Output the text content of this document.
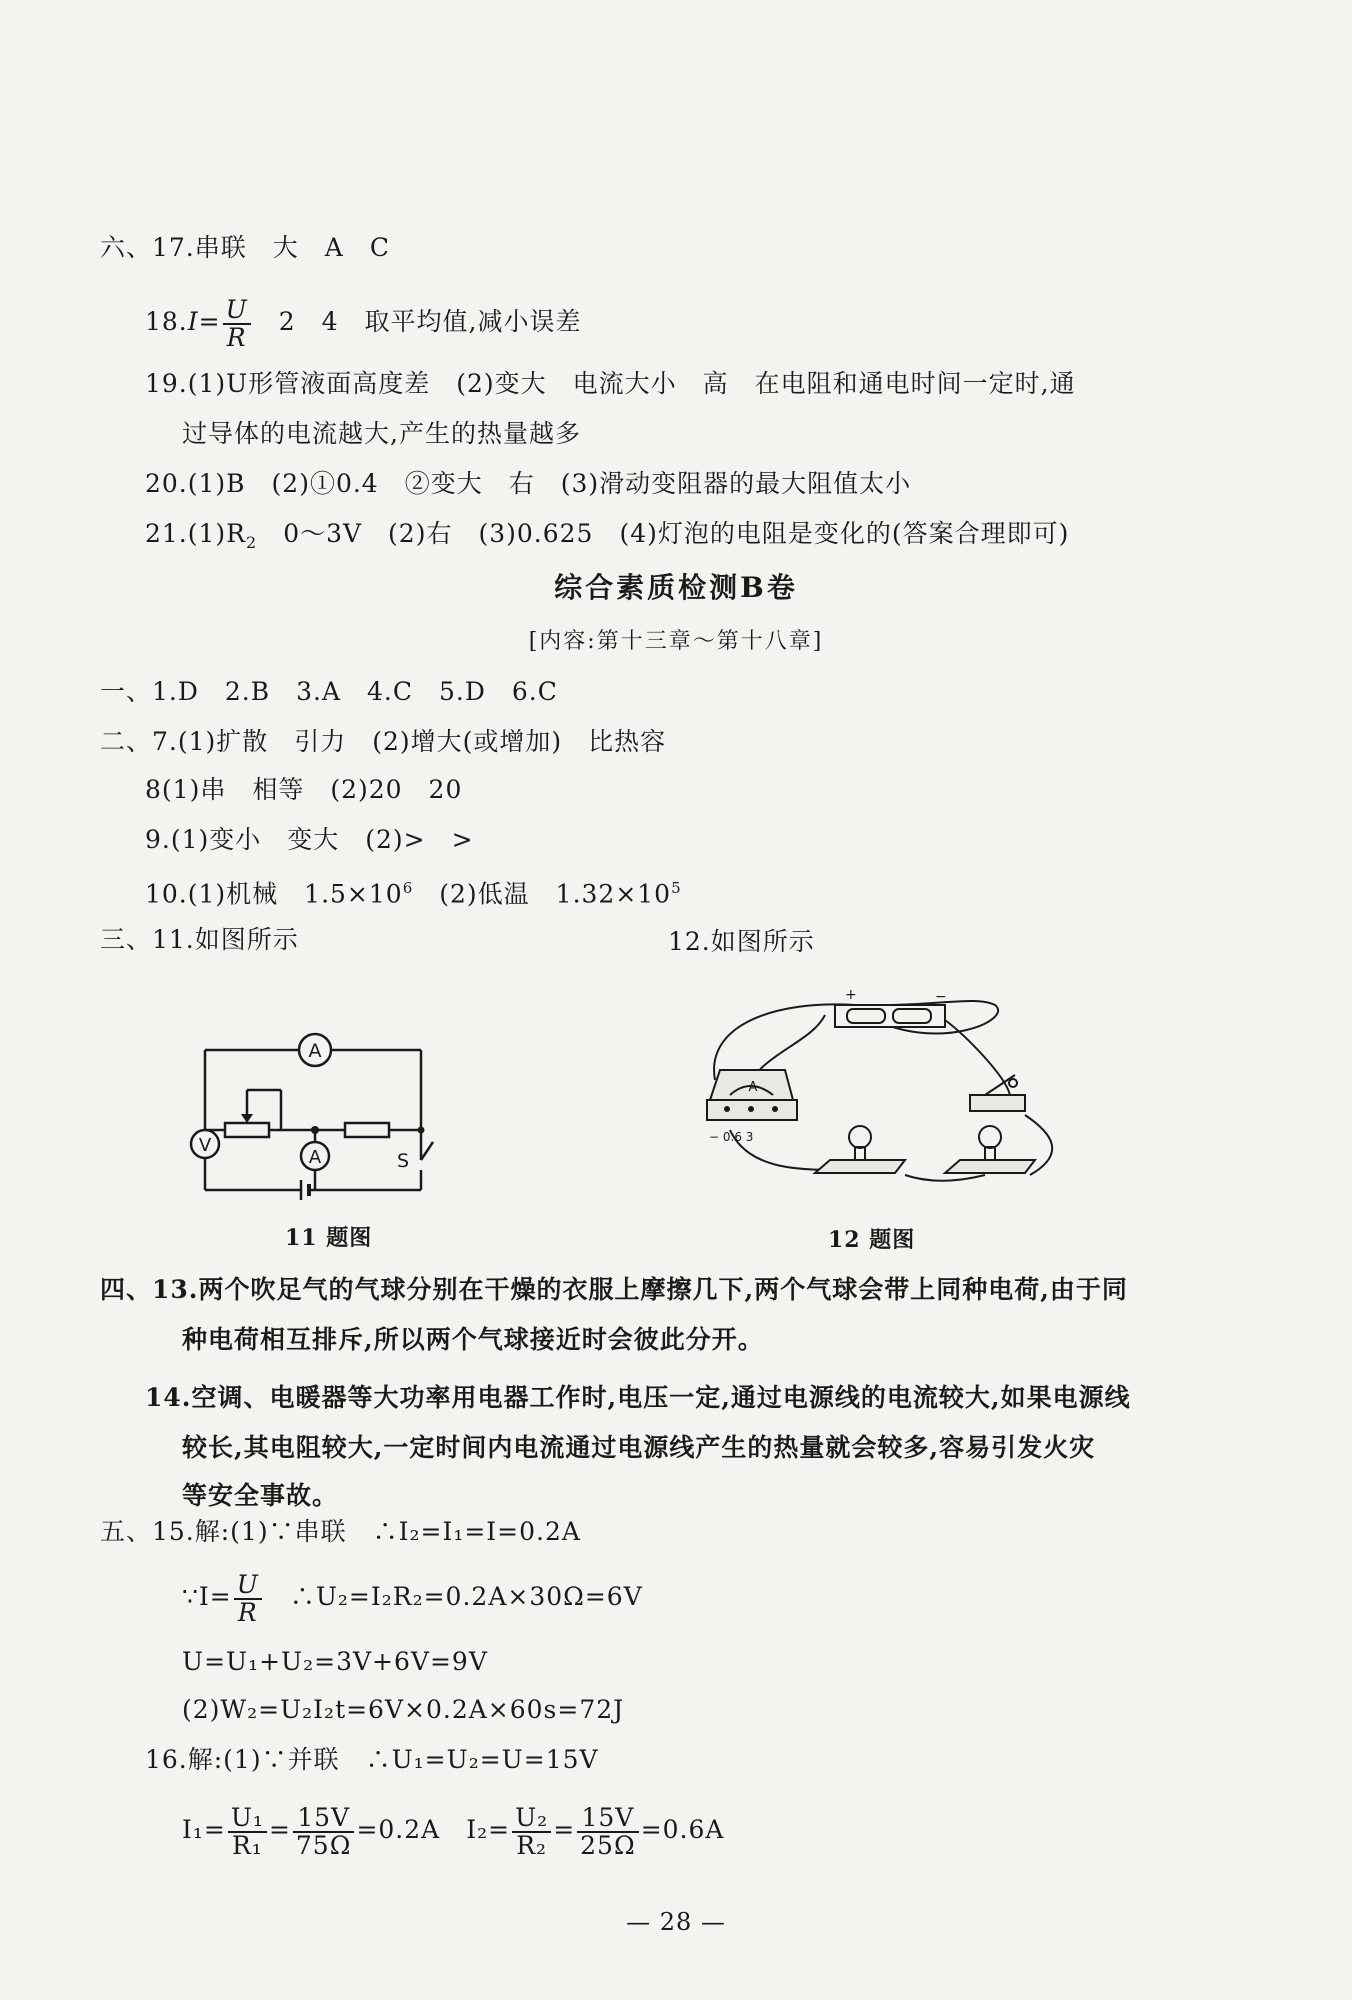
六、17.串联　大　A　C
$18.I= \frac{U}{R}$
　 2　4　取平均值,减小误差
19.(1)U形管液面高度差　(2)变大　电流大小　高　在电阻和通电时间一定时,通
过导体的电流越大,产生的热量越多
20.(1)B　(2)①0.4　②变大　右　(3)滑动变阻器的最大阻值太小
$21.(1)R_2$　0～3V　(2)右　(3)0.625　(4)灯泡的电阻是变化的(答案合理即可)
综合素质检测B卷
[内容:第十三章～第十八章]
一、1.D　2.B　3.A　4.C　5.D　6.C
二、7.(1)扩散　引力　(2)增大(或增加)　比热容
8(1)串　相等　(2)20　20
9.(1)变小　变大　(2)>　>
10.(1)机械　$1.5\times 10^6$　(2)低温　$1.32\times 10^5$
三、11.如图所示	12.如图所示
A
V
A	S
A
− 0.6 3
+	−
11 题图	12 题图
四、13.两个吹足气的气球分别在干燥的衣服上摩擦几下,两个气球会带上同种电荷,由于同
种电荷相互排斥,所以两个气球接近时会彼此分开。
14.空调、电暖器等大功率用电器工作时,电压一定,通过电源线的电流较大,如果电源线
较长,其电阻较大,一定时间内电流通过电源线产生的热量就会较多,容易引发火灾
等安全事故。
五、15.解:(1)∵串联　∴I₂=I₁=I=0.2A
∵I= $\frac{U}{R}$
　 ∴U₂=I₂R₂=0.2A×30Ω=6V
U=U₁+U₂=3V+6V=9V
(2)W₂=U₂I₂t=6V×0.2A×60s=72J
16.解:(1)∵并联　∴U₁=U₂=U=15V
$I_1= \frac{\text{U₁}}{\text{R₁}} = \frac{15V}{75\Omega} =0.2A$　 $I_2= \frac{\text{U₂}}{\text{R₂}} = \frac{15V}{25\Omega} =0.6A$
— 28 —
